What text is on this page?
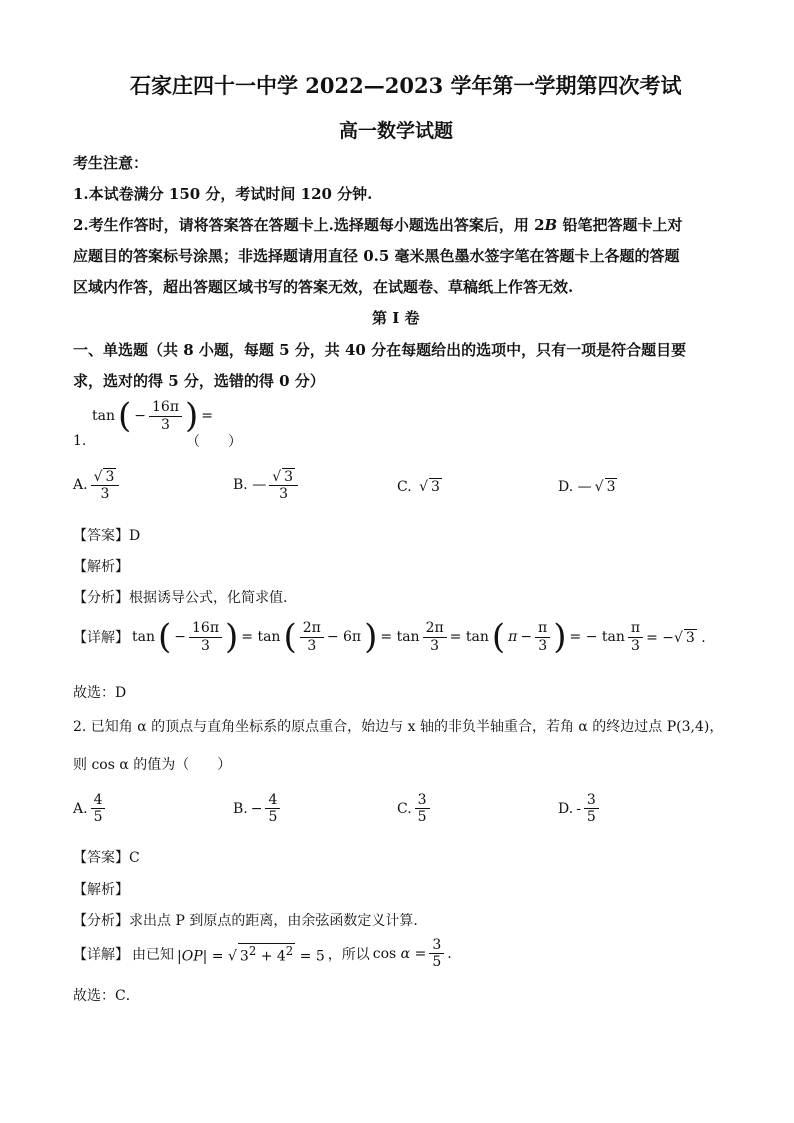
石家庄四十一中学 2022—2023 学年第一学期第四次考试
高一数学试题
考生注意：
1.本试卷满分 150 分，考试时间 120 分钟.
2.考生作答时，请将答案答在答题卡上.选择题每小题选出答案后，用 2B 铅笔把答题卡上对
应题目的答案标号涂黑；非选择题请用直径 0.5 毫米黑色墨水签字笔在答题卡上各题的答题
区域内作答，超出答题区域书写的答案无效，在试题卷、草稿纸上作答无效.
第 I 卷
一、单选题（共 8 小题，每题 5 分，共 40 分在每题给出的选项中，只有一项是符合题目要
求，选对的得 5 分，选错的得 0 分）
tan ( − $\frac{16\pi}{3}$ ) =
1.	（　　）
A. $\frac{√ 3}{3}$	B. — $\frac{√ 3}{3}$	C. √ 3	D. — √ 3
【答案】D
【解析】
【分析】根据诱导公式，化简求值.
【详解】 tan ( − $\frac{16\pi}{3}$ ) = tan ( $\frac{2\pi}{3} - 6\pi$ ) = $\tan \frac{2\pi}{3} = \tan$ ( $\pi - \frac{\pi}{3}$ ) = − $\tan \frac{\pi}{3}$ = −√ 3 .
故选：D
2. 已知角 α 的顶点与直角坐标系的原点重合，始边与 x 轴的非负半轴重合，若角 α 的终边过点 P(3,4)，
则 cos α 的值为（　　）
A. $\frac{4}{5}$	B. − $\frac{4}{5}$	C. $\frac{3}{5}$	D. - $\frac{3}{5}$
【答案】C
【解析】
【分析】求出点 P 到原点的距离，由余弦函数定义计算．
【详解】 由已知 |OP| = √ $3^2 + 4^2 = 5$ ，所以 $\cos \alpha = \frac{3}{5}$ .
故选：C．
